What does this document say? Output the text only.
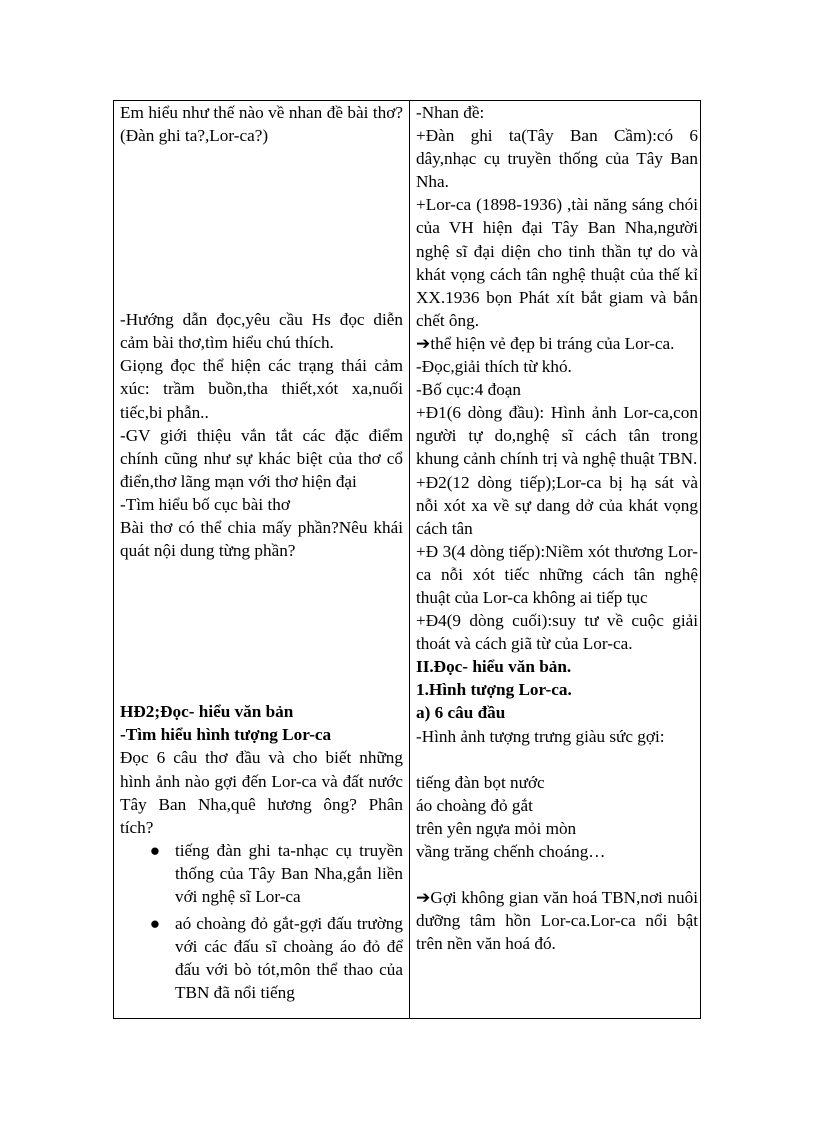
Em hiểu như thế nào về nhan đề bài thơ?(Đàn ghi ta?,Lor-ca?)

-Hướng dẫn đọc,yêu cầu Hs đọc diễn cảm bài thơ,tìm hiểu chú thích.

Giọng đọc thể hiện các trạng thái cảm xúc: trầm buồn,tha thiết,xót xa,nuối tiếc,bi phẫn..

-GV giới thiệu vắn tắt các đặc điểm chính cũng như sự khác biệt của thơ cổ điển,thơ lãng mạn với thơ hiện đại

-Tìm hiểu bố cục bài thơ

Bài thơ có thể chia mấy phần?Nêu khái quát nội dung từng phần?

HĐ2;Đọc- hiểu văn bản

-Tìm hiểu hình tượng Lor-ca

Đọc 6 câu thơ đầu và cho biết những hình ảnh nào gợi đến Lor-ca và đất nước Tây Ban Nha,quê hương ông? Phân tích?

● tiếng đàn ghi ta-nhạc cụ truyền thống của Tây Ban Nha,gắn liền với nghệ sĩ Lor-ca
● aó choàng đỏ gắt-gợi đấu trường với các đấu sĩ choàng áo đỏ để đấu với bò tót,môn thể thao của TBN đã nổi tiếng

-Nhan đề:

+Đàn ghi ta(Tây Ban Cầm):có 6 dây,nhạc cụ truyền thống của Tây Ban Nha.

+Lor-ca (1898-1936) ,tài năng sáng chói của VH hiện đại Tây Ban Nha,người nghệ sĩ đại diện cho tinh thần tự do và khát vọng cách tân nghệ thuật của thế kỉ XX.1936 bọn Phát xít bắt giam và bắn chết ông.

➔thể hiện vẻ đẹp bi tráng của Lor-ca.

-Đọc,giải thích từ khó.

-Bố cục:4 đoạn

+Đ1(6 dòng đầu): Hình ảnh Lor-ca,con người tự do,nghệ sĩ cách tân trong khung cảnh chính trị và nghệ thuật TBN.

+Đ2(12 dòng tiếp);Lor-ca bị hạ sát và nỗi xót xa về sự dang dở của khát vọng cách tân

+Đ 3(4 dòng tiếp):Niềm xót thương Lor-ca nỗi xót tiếc những cách tân nghệ thuật của Lor-ca không ai tiếp tục

+Đ4(9 dòng cuối):suy tư về cuộc giải thoát và cách giã từ của Lor-ca.

II.Đọc- hiểu văn bản.

1.Hình tượng Lor-ca.

a) 6 câu đầu

-Hình ảnh tượng trưng giàu sức gợi:

tiếng đàn bọt nước

áo choàng đỏ gắt

trên yên ngựa mỏi mòn

vầng trăng chếnh choáng…

➔Gợi không gian văn hoá TBN,nơi nuôi dưỡng tâm hồn Lor-ca.Lor-ca nổi bật trên nền văn hoá đó.
